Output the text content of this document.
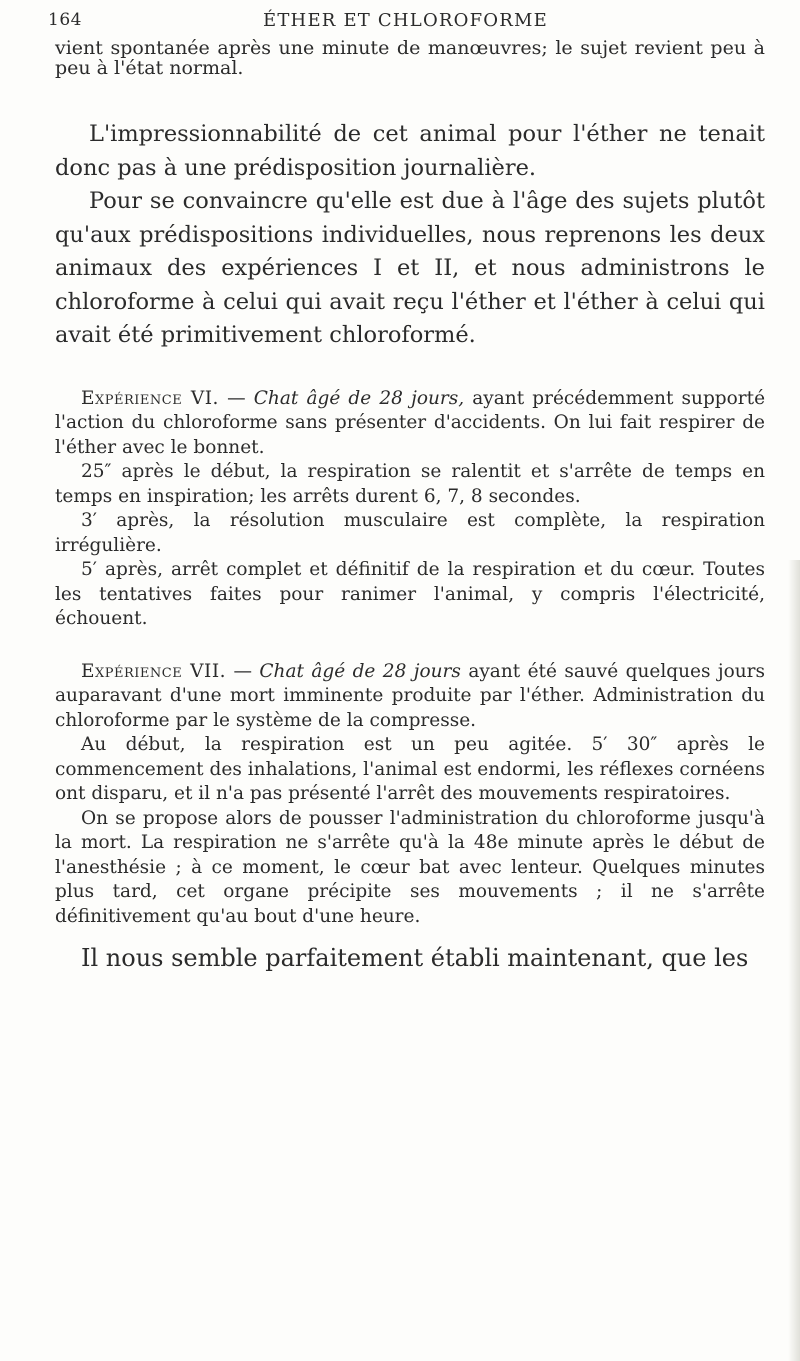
164	ÉTHER ET CHLOROFORME

vient spontanée après une minute de manœuvres; le sujet revient peu à peu à l'état normal.

L'impressionnabilité de cet animal pour l'éther ne tenait donc pas à une prédisposition journalière.

Pour se convaincre qu'elle est due à l'âge des sujets plutôt qu'aux prédispositions individuelles, nous reprenons les deux animaux des expériences I et II, et nous administrons le chloroforme à celui qui avait reçu l'éther et l'éther à celui qui avait été primitivement chloroformé.

Expérience VI. — Chat âgé de 28 jours, ayant précédemment supporté l'action du chloroforme sans présenter d'accidents. On lui fait respirer de l'éther avec le bonnet.

25″ après le début, la respiration se ralentit et s'arrête de temps en temps en inspiration; les arrêts durent 6, 7, 8 secondes.

3′ après, la résolution musculaire est complète, la respiration irrégulière.

5′ après, arrêt complet et définitif de la respiration et du cœur. Toutes les tentatives faites pour ranimer l'animal, y compris l'électricité, échouent.

Expérience VII. — Chat âgé de 28 jours ayant été sauvé quelques jours auparavant d'une mort imminente produite par l'éther. Administration du chloroforme par le système de la compresse.

Au début, la respiration est un peu agitée. 5′ 30″ après le commencement des inhalations, l'animal est endormi, les réflexes cornéens ont disparu, et il n'a pas présenté l'arrêt des mouvements respiratoires.

On se propose alors de pousser l'administration du chloroforme jusqu'à la mort. La respiration ne s'arrête qu'à la 48e minute après le début de l'anesthésie ; à ce moment, le cœur bat avec lenteur. Quelques minutes plus tard, cet organe précipite ses mouvements ; il ne s'arrête définitivement qu'au bout d'une heure.

Il nous semble parfaitement établi maintenant, que les
